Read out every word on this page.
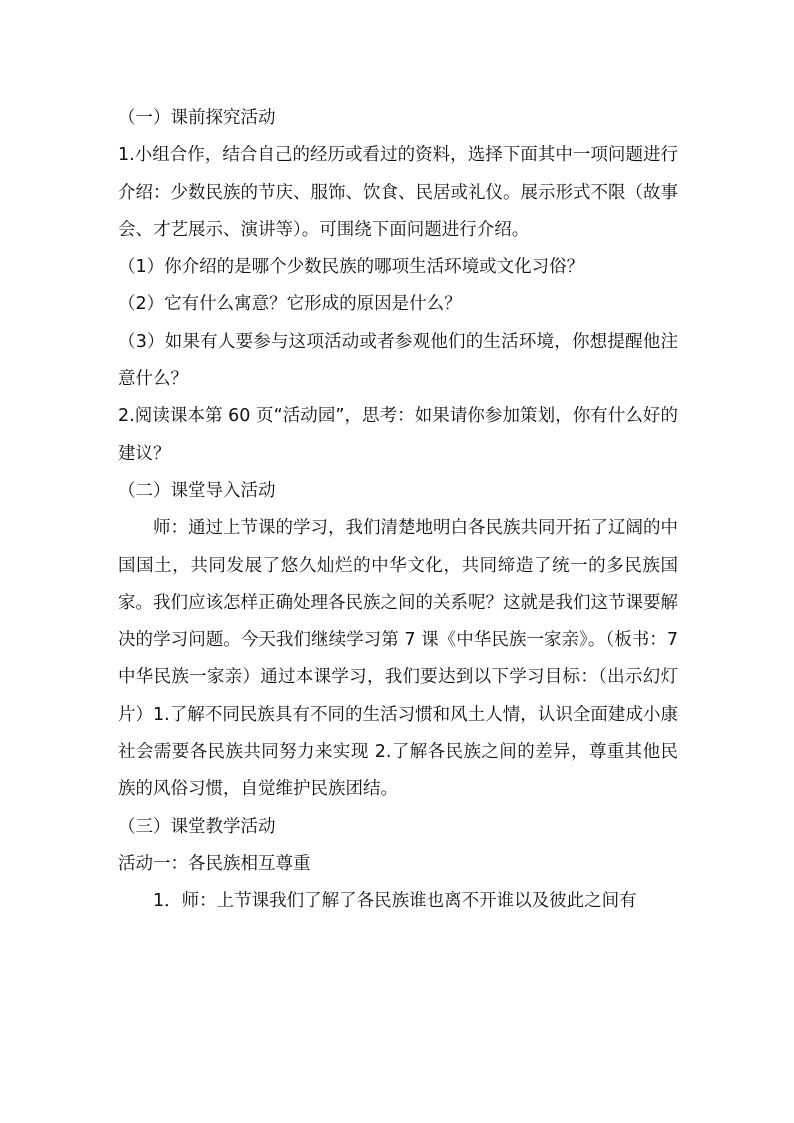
（一）课前探究活动

1.小组合作，结合自己的经历或看过的资料，选择下面其中一项问题进行介绍：少数民族的节庆、服饰、饮食、民居或礼仪。展示形式不限（故事会、才艺展示、演讲等）。可围绕下面问题进行介绍。

（1）你介绍的是哪个少数民族的哪项生活环境或文化习俗？

（2）它有什么寓意？它形成的原因是什么？

（3）如果有人要参与这项活动或者参观他们的生活环境，你想提醒他注意什么？

2.阅读课本第 60 页“活动园”，思考：如果请你参加策划，你有什么好的建议？

（二）课堂导入活动

师：通过上节课的学习，我们清楚地明白各民族共同开拓了辽阔的中国国土，共同发展了悠久灿烂的中华文化，共同缔造了统一的多民族国家。我们应该怎样正确处理各民族之间的关系呢？这就是我们这节课要解决的学习问题。今天我们继续学习第 7 课《中华民族一家亲》。（板书：7 中华民族一家亲）通过本课学习，我们要达到以下学习目标：（出示幻灯片）1.了解不同民族具有不同的生活习惯和风土人情，认识全面建成小康社会需要各民族共同努力来实现 2.了解各民族之间的差异，尊重其他民族的风俗习惯，自觉维护民族团结。

（三）课堂教学活动

活动一：各民族相互尊重

1．师：上节课我们了解了各民族谁也离不开谁以及彼此之间有
